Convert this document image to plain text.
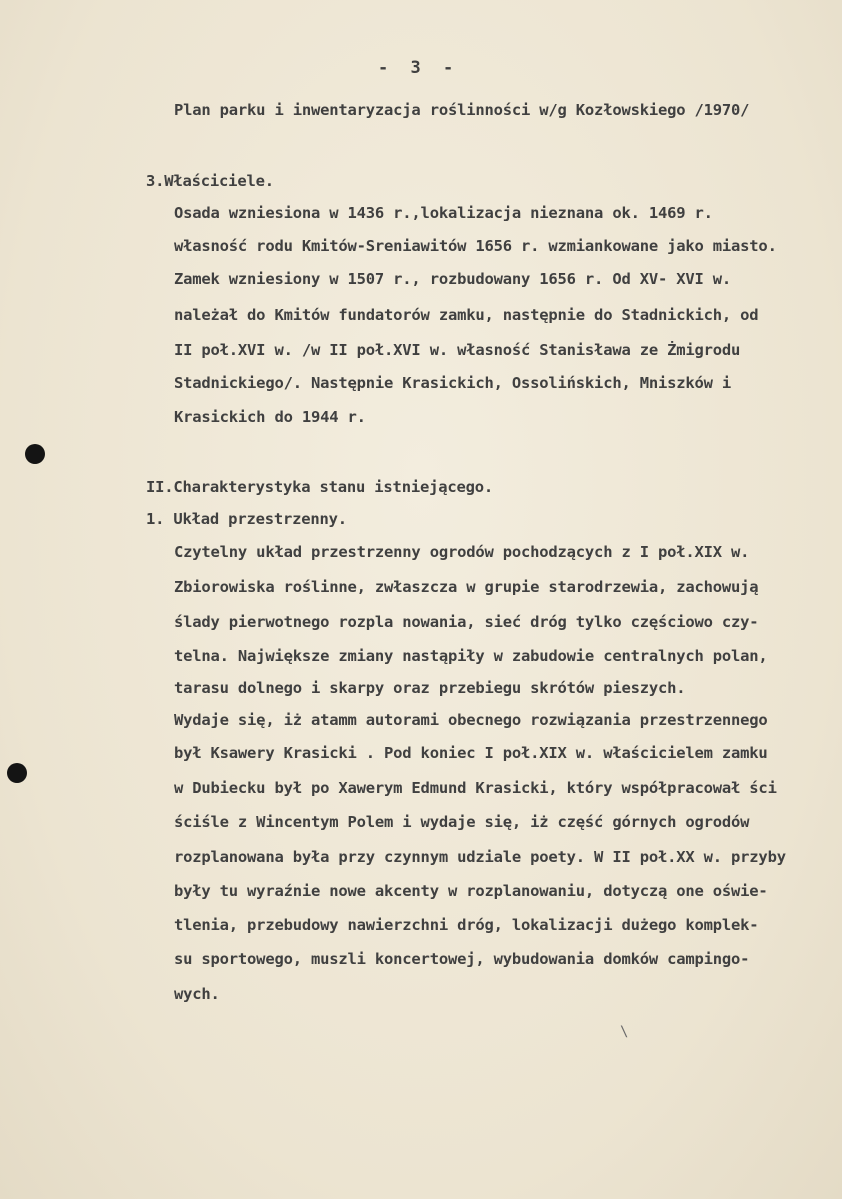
- 3 -
Plan parku i inwentaryzacja roślinności w/g Kozłowskiego /1970/
3.Właściciele.
Osada wzniesiona w 1436 r.,lokalizacja nieznana ok. 1469 r.
własność rodu Kmitów-Sreniawitów 1656 r. wzmiankowane jako miasto.
Zamek wzniesiony w 1507 r., rozbudowany 1656 r. Od XV- XVI w.
należał do Kmitów fundatorów zamku, następnie do Stadnickich, od
II poł.XVI w. /w II poł.XVI w. własność Stanisława ze Żmigrodu
Stadnickiego/. Następnie Krasickich, Ossolińskich, Mniszków i
Krasickich do 1944 r.
II.Charakterystyka stanu istniejącego.
1. Układ przestrzenny.
Czytelny układ przestrzenny ogrodów pochodzących z I poł.XIX w.
Zbiorowiska roślinne, zwłaszcza w grupie starodrzewia, zachowują
ślady pierwotnego rozpla nowania, sieć dróg tylko częściowo czy-
telna. Największe zmiany nastąpiły w zabudowie centralnych polan,
tarasu dolnego i skarpy oraz przebiegu skrótów pieszych.
Wydaje się, iż atamm autorami obecnego rozwiązania przestrzennego
był Ksawery Krasicki . Pod koniec I poł.XIX w. właścicielem zamku
w Dubiecku był po Xawerym Edmund Krasicki, który współpracował ści
ściśle z Wincentym Polem i wydaje się, iż część górnych ogrodów
rozplanowana była przy czynnym udziale poety. W II poł.XX w. przyby
były tu wyraźnie nowe akcenty w rozplanowaniu, dotyczą one oświe-
tlenia, przebudowy nawierzchni dróg, lokalizacji dużego komplek-
su sportowego, muszli koncertowej, wybudowania domków campingo-
wych.
\
